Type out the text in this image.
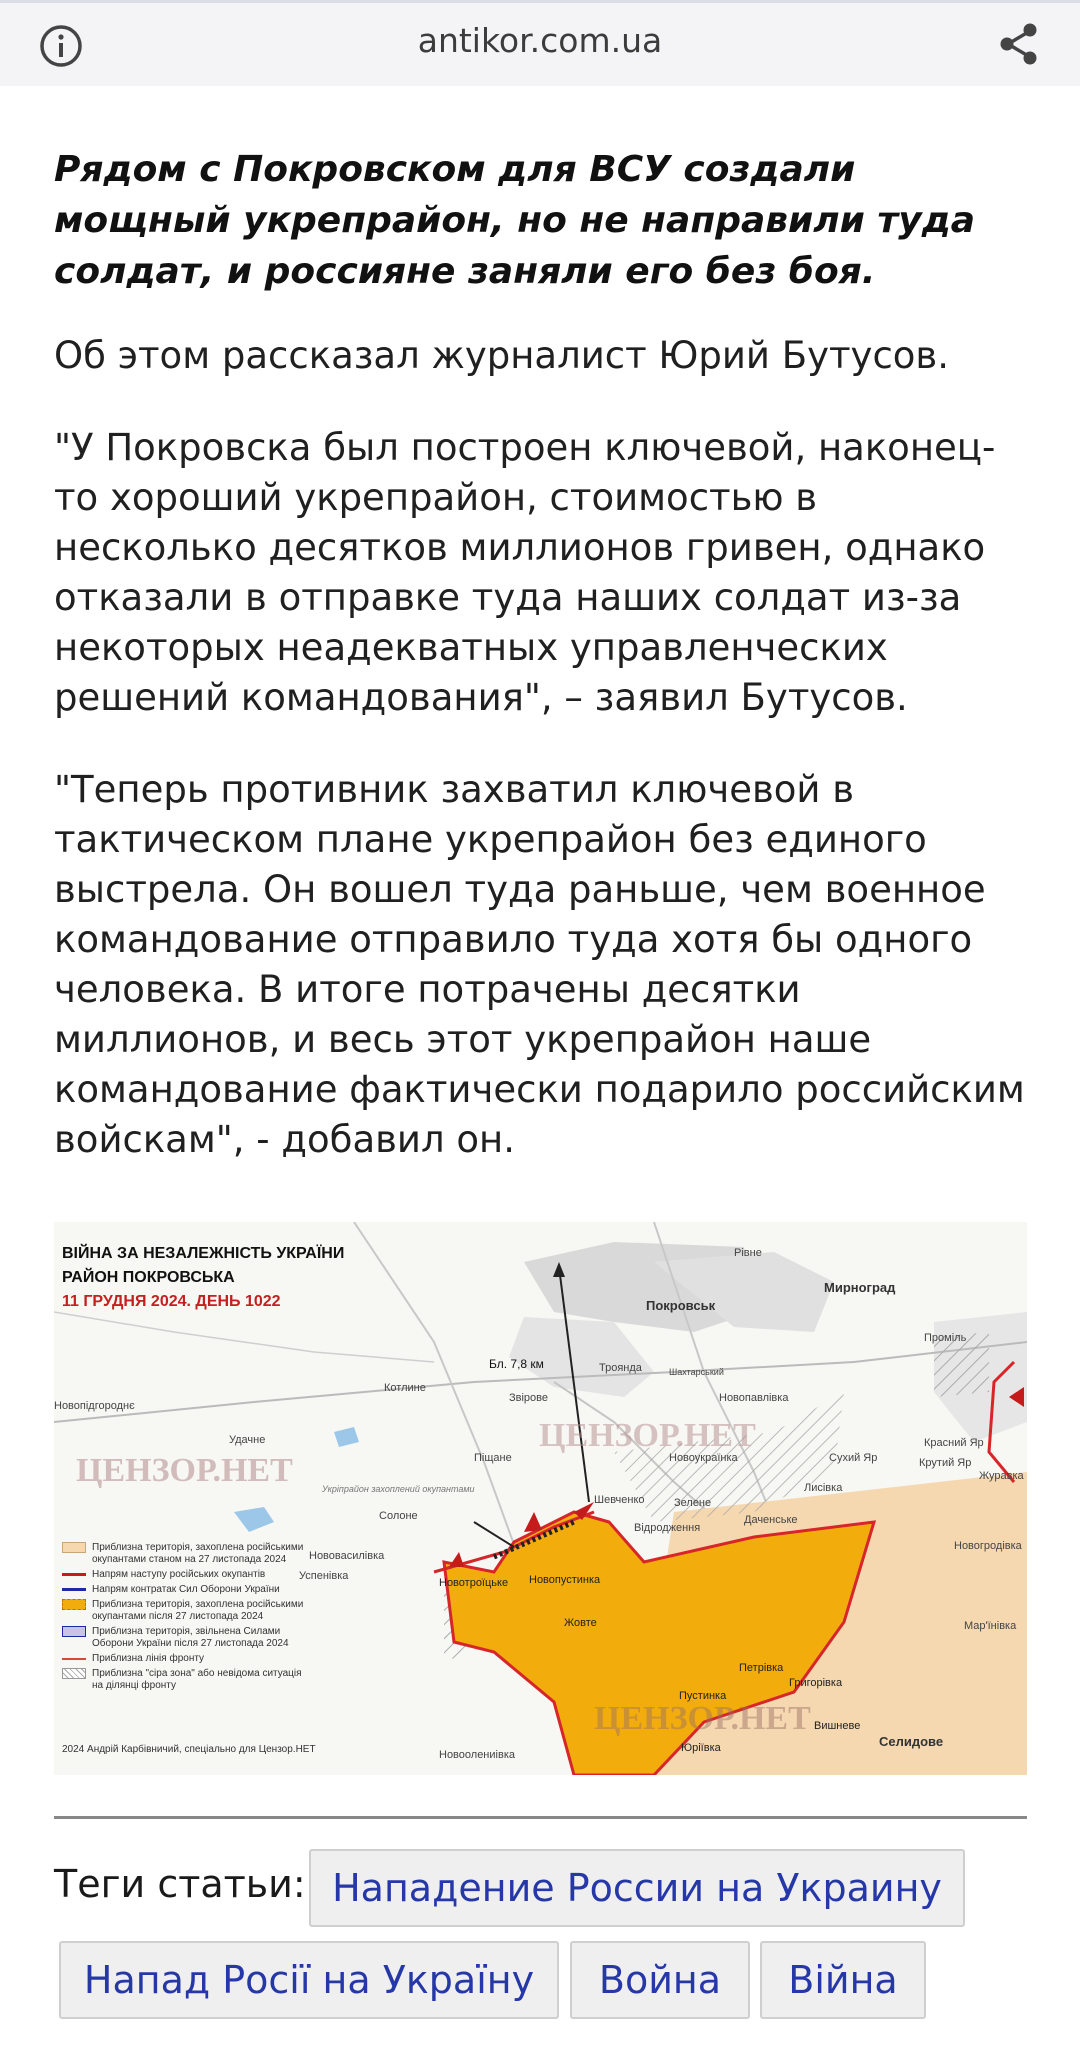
antikor.com.ua

Рядом с Покровском для ВСУ создали мощный укрепрайон, но не направили туда солдат, и россияне заняли его без боя.

Об этом рассказал журналист Юрий Бутусов.

"У Покровска был построен ключевой, наконец-то хороший укрепрайон, стоимостью в несколько десятков миллионов гривен, однако отказали в отправке туда наших солдат из-за некоторых неадекватных управленческих решений командования", – заявил Бутусов.

"Теперь противник захватил ключевой в тактическом плане укрепрайон без единого выстрела. Он вошел туда раньше, чем военное командование отправило туда хотя бы одного человека. В итоге потрачены десятки миллионов, и весь этот укрепрайон наше командование фактически подарило российским войскам", - добавил он.

Покровськ
Мирноград
Рівне
Проміль
Троянда	Шахтарський
Звірове
Котлине
Новопавлівка
Новопідгороднє
Удачне
Піщане	Новоукраїнка	Сухий Яр
Красний Яр
Крутий Яр
Журавка
Лисівка
Шевченко	Зелене
Даченське
Відродження
Солоне
Нововасилівка
Успенівка
Новотроїцьке Новопустинка
Жовте
Новогродівка
Мар'їнівка
Петрівка
Григорівка
Пустинка
Вишневе
Селидове
Юріївка
Новоолениівка
Укріпрайон захоплений окупантами
Бл. 7,8 км
ЦЕНЗОР.НЕТ
ЦЕНЗОР.НЕТ
ЦЕНЗОР.НЕТ
ВІЙНА ЗА НЕЗАЛЕЖНІСТЬ УКРАЇНИ
РАЙОН ПОКРОВСЬКА
11 ГРУДНЯ 2024. ДЕНЬ 1022
Приблизна територія, захоплена російськими окупантами станом на 27 листопада 2024
Напрям наступу російських окупантів
Напрям контратак Сил Оборони України
Приблизна територія, захоплена російськими окупантами після 27 листопада 2024
Приблизна територія, звільнена Силами Оборони України після 27 листопада 2024
Приблизна лінія фронту
Приблизна "сіра зона" або невідома ситуація на ділянці фронту
2024 Андрій Карбівничий, спеціально для Цензор.НЕТ
Теги статьи: Нападение России на Украину
Напад Росії на Україну	Война	Війна
